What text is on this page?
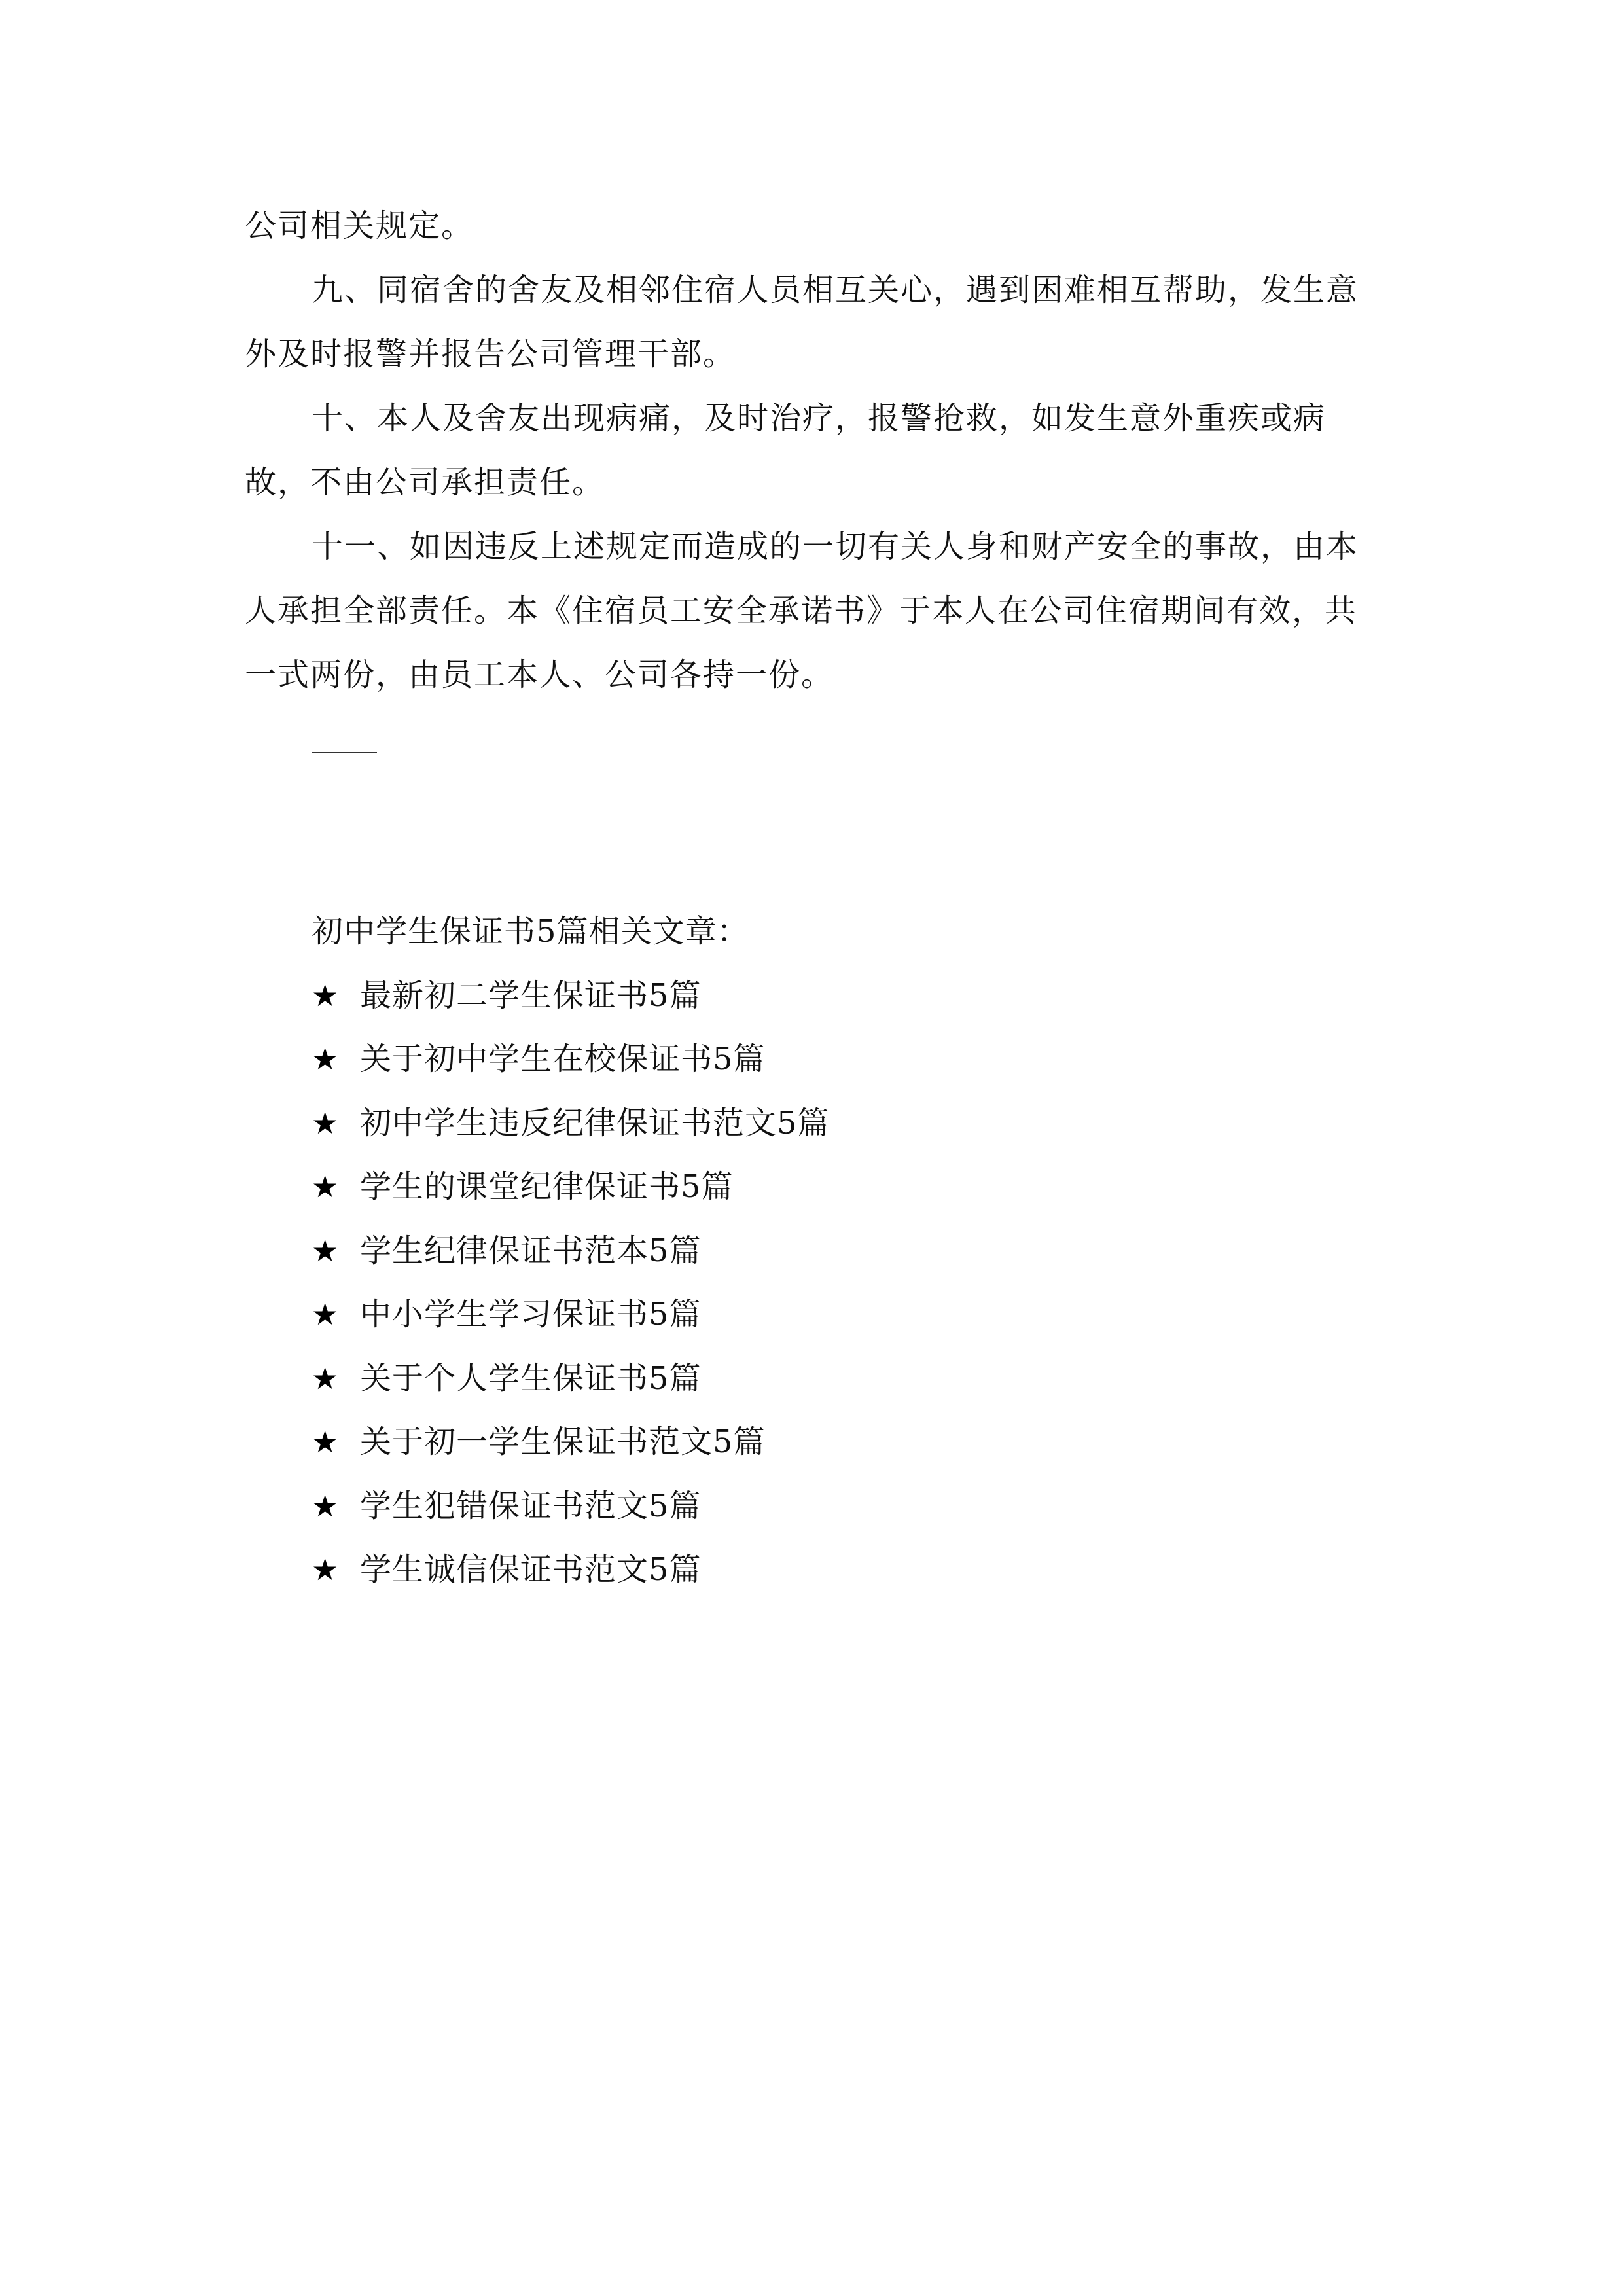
公司相关规定。

九、同宿舍的舍友及相邻住宿人员相互关心，遇到困难相互帮助，发生意外及时报警并报告公司管理干部。

十、本人及舍友出现病痛，及时治疗，报警抢救，如发生意外重疾或病故，不由公司承担责任。

十一、如因违反上述规定而造成的一切有关人身和财产安全的事故，由本人承担全部责任。本《住宿员工安全承诺书》于本人在公司住宿期间有效，共一式两份，由员工本人、公司各持一份。

初中学生保证书5篇相关文章：

★ 最新初二学生保证书5篇
★ 关于初中学生在校保证书5篇
★ 初中学生违反纪律保证书范文5篇
★ 学生的课堂纪律保证书5篇
★ 学生纪律保证书范本5篇
★ 中小学生学习保证书5篇
★ 关于个人学生保证书5篇
★ 关于初一学生保证书范文5篇
★ 学生犯错保证书范文5篇
★ 学生诚信保证书范文5篇
